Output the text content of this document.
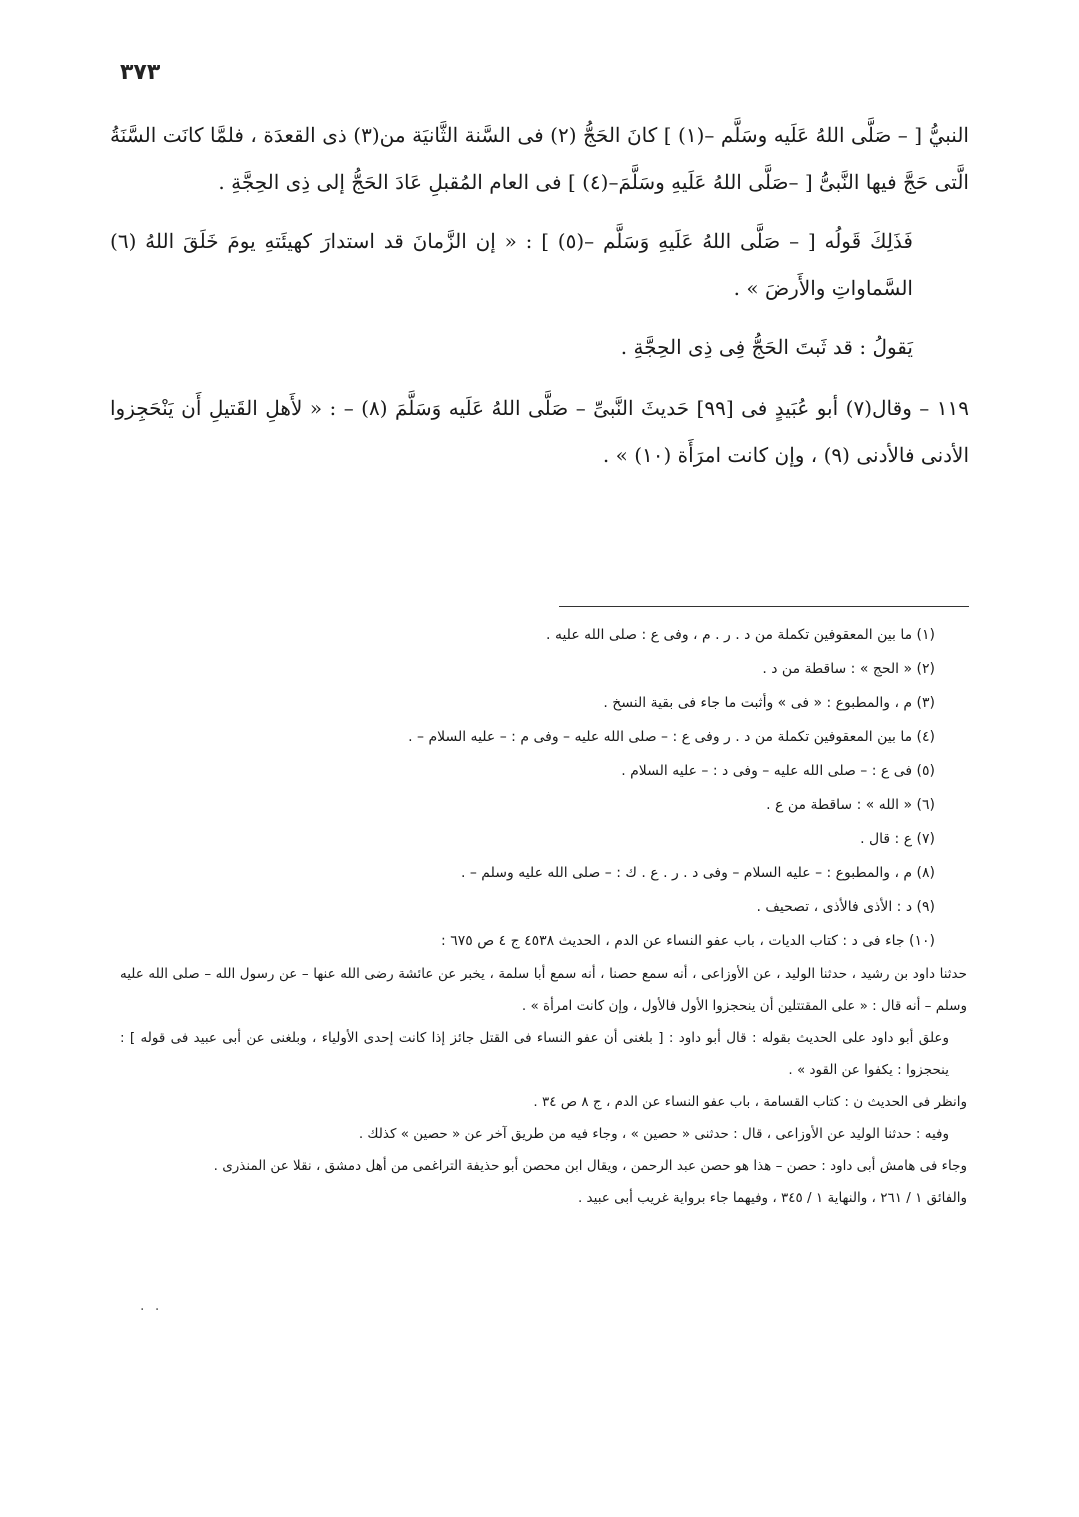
٣٧٣

النبيُّ [ – صَلَّى اللهُ عَلَيه وسَلَّم –(١) ] كانَ الحَجُّ (٢) فى السَّنة الثَّانيَة من(٣) ذى القعدَة ، فلمَّا كانَت السَّنَةُ الَّتى حَجَّ فيها النَّبىُّ [ –صَلَّى اللهُ عَلَيهِ وسَلَّمَ–(٤) ] فى العام المُقبلِ عَادَ الحَجُّ إلى ذِى الحِجَّةِ .

فَذَلِكَ قَولُه [ – صَلَّى اللهُ عَلَيهِ وَسَلَّم –(٥) ] : « إن الزَّمانَ قد استدارَ كهيئَتهِ يومَ خَلَقَ اللهُ (٦) السَّماواتِ والأَرضَ » .

يَقولُ : قد ثَبتَ الحَجُّ فِى ذِى الحِجَّةِ .

١١٩ – وقال(٧) أبو عُبَيدٍ فى [٩٩] حَديثَ النَّبىِّ – صَلَّى اللهُ عَلَيه وَسَلَّمَ (٨) – : « لأَهلِ القَتيلِ أَن يَنْحَجِزوا الأدنى فالأدنى (٩) ، وإن كانت امرَأَة (١٠) » .

(١) ما بين المعقوفين تكملة من د . ر . م ، وفى ع : صلى الله عليه .

(٢) « الحج » : ساقطة من د .

(٣) م ، والمطبوع : « فى » وأثبت ما جاء فى بقية النسخ .

(٤) ما بين المعقوفين تكملة من د . ر وفى ع : – صلى الله عليه – وفى م : – عليه السلام – .

(٥) فى ع : – صلى الله عليه – وفى د : – عليه السلام .

(٦) « الله » : ساقطة من ع .

(٧) ع : قال .

(٨) م ، والمطبوع : – عليه السلام – وفى د . ر . ع . ك : – صلى الله عليه وسلم – .

(٩) د : الأذى فالأذى ، تصحيف .

(١٠) جاء فى د : كتاب الديات ، باب عفو النساء عن الدم ، الحديث ٤٥٣٨ ج ٤ ص ٦٧٥ :

حدثنا داود بن رشيد ، حدثنا الوليد ، عن الأوزاعى ، أنه سمع حصنا ، أنه سمع أبا سلمة ، يخبر عن عائشة رضى الله عنها – عن رسول الله – صلى الله عليه وسلم – أنه قال : « على المقتتلين أن ينحجزوا الأول فالأول ، وإن كانت امرأة » .

وعلق أبو داود على الحديث بقوله : قال أبو داود : [ بلغنى أن عفو النساء فى القتل جائز إذا كانت إحدى الأولياء ، وبلغنى عن أبى عبيد فى قوله ] : ينحجزوا : يكفوا عن القود » .

وانظر فى الحديث ن : كتاب القسامة ، باب عفو النساء عن الدم ، ج ٨ ص ٣٤ .

وفيه : حدثنا الوليد عن الأوزاعى ، قال : حدثنى « حصين » ، وجاء فيه من طريق آخر عن « حصين » كذلك .

وجاء فى هامش أبى داود : حصن – هذا هو حصن عبد الرحمن ، ويقال ابن محصن أبو حذيفة التراغمى من أهل دمشق ، نقلا عن المنذرى .

والفائق ١ / ٢٦١ ، والنهاية ١ / ٣٤٥ ، وفيهما جاء برواية غريب أبى عبيد .

· ·
